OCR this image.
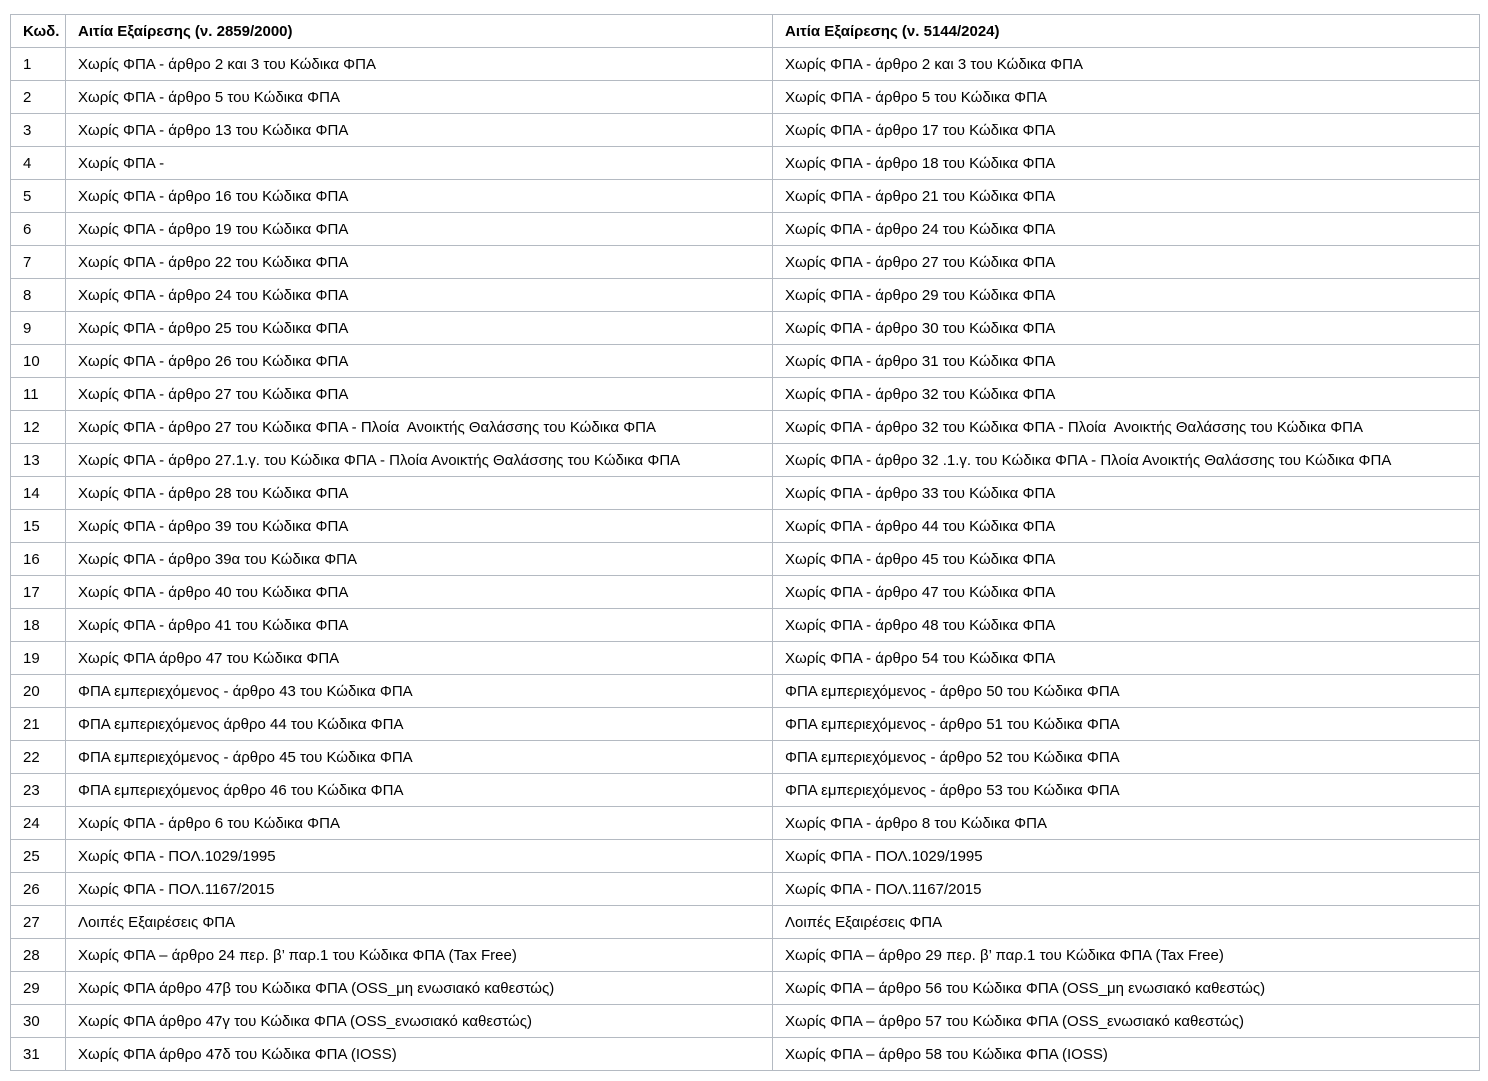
Κωδ.	Αιτία Εξαίρεσης (ν. 2859/2000)	Αιτία Εξαίρεσης (ν. 5144/2024)
1	Χωρίς ΦΠΑ - άρθρο 2 και 3 του Κώδικα ΦΠΑ	Χωρίς ΦΠΑ - άρθρο 2 και 3 του Κώδικα ΦΠΑ
2	Χωρίς ΦΠΑ - άρθρο 5 του Κώδικα ΦΠΑ	Χωρίς ΦΠΑ - άρθρο 5 του Κώδικα ΦΠΑ
3	Χωρίς ΦΠΑ - άρθρο 13 του Κώδικα ΦΠΑ	Χωρίς ΦΠΑ - άρθρο 17 του Κώδικα ΦΠΑ
4	Χωρίς ΦΠΑ -	Χωρίς ΦΠΑ - άρθρο 18 του Κώδικα ΦΠΑ
5	Χωρίς ΦΠΑ - άρθρο 16 του Κώδικα ΦΠΑ	Χωρίς ΦΠΑ - άρθρο 21 του Κώδικα ΦΠΑ
6	Χωρίς ΦΠΑ - άρθρο 19 του Κώδικα ΦΠΑ	Χωρίς ΦΠΑ - άρθρο 24 του Κώδικα ΦΠΑ
7	Χωρίς ΦΠΑ - άρθρο 22 του Κώδικα ΦΠΑ	Χωρίς ΦΠΑ - άρθρο 27 του Κώδικα ΦΠΑ
8	Χωρίς ΦΠΑ - άρθρο 24 του Κώδικα ΦΠΑ	Χωρίς ΦΠΑ - άρθρο 29 του Κώδικα ΦΠΑ
9	Χωρίς ΦΠΑ - άρθρο 25 του Κώδικα ΦΠΑ	Χωρίς ΦΠΑ - άρθρο 30 του Κώδικα ΦΠΑ
10	Χωρίς ΦΠΑ - άρθρο 26 του Κώδικα ΦΠΑ	Χωρίς ΦΠΑ - άρθρο 31 του Κώδικα ΦΠΑ
11	Χωρίς ΦΠΑ - άρθρο 27 του Κώδικα ΦΠΑ	Χωρίς ΦΠΑ - άρθρο 32 του Κώδικα ΦΠΑ
12	Χωρίς ΦΠΑ - άρθρο 27 του Κώδικα ΦΠΑ - Πλοία  Ανοικτής Θαλάσσης του Κώδικα ΦΠΑ	Χωρίς ΦΠΑ - άρθρο 32 του Κώδικα ΦΠΑ - Πλοία  Ανοικτής Θαλάσσης του Κώδικα ΦΠΑ
13	Χωρίς ΦΠΑ - άρθρο 27.1.γ. του Κώδικα ΦΠΑ - Πλοία Ανοικτής Θαλάσσης του Κώδικα ΦΠΑ	Χωρίς ΦΠΑ - άρθρο 32 .1.γ. του Κώδικα ΦΠΑ - Πλοία Ανοικτής Θαλάσσης του Κώδικα ΦΠΑ
14	Χωρίς ΦΠΑ - άρθρο 28 του Κώδικα ΦΠΑ	Χωρίς ΦΠΑ - άρθρο 33 του Κώδικα ΦΠΑ
15	Χωρίς ΦΠΑ - άρθρο 39 του Κώδικα ΦΠΑ	Χωρίς ΦΠΑ - άρθρο 44 του Κώδικα ΦΠΑ
16	Χωρίς ΦΠΑ - άρθρο 39α του Κώδικα ΦΠΑ	Χωρίς ΦΠΑ - άρθρο 45 του Κώδικα ΦΠΑ
17	Χωρίς ΦΠΑ - άρθρο 40 του Κώδικα ΦΠΑ	Χωρίς ΦΠΑ - άρθρο 47 του Κώδικα ΦΠΑ
18	Χωρίς ΦΠΑ - άρθρο 41 του Κώδικα ΦΠΑ	Χωρίς ΦΠΑ - άρθρο 48 του Κώδικα ΦΠΑ
19	Χωρίς ΦΠΑ άρθρο 47 του Κώδικα ΦΠΑ	Χωρίς ΦΠΑ - άρθρο 54 του Κώδικα ΦΠΑ
20	ΦΠΑ εμπεριεχόμενος - άρθρο 43 του Κώδικα ΦΠΑ	ΦΠΑ εμπεριεχόμενος - άρθρο 50 του Κώδικα ΦΠΑ
21	ΦΠΑ εμπεριεχόμενος άρθρο 44 του Κώδικα ΦΠΑ	ΦΠΑ εμπεριεχόμενος - άρθρο 51 του Κώδικα ΦΠΑ
22	ΦΠΑ εμπεριεχόμενος - άρθρο 45 του Κώδικα ΦΠΑ	ΦΠΑ εμπεριεχόμενος - άρθρο 52 του Κώδικα ΦΠΑ
23	ΦΠΑ εμπεριεχόμενος άρθρο 46 του Κώδικα ΦΠΑ	ΦΠΑ εμπεριεχόμενος - άρθρο 53 του Κώδικα ΦΠΑ
24	Χωρίς ΦΠΑ - άρθρο 6 του Κώδικα ΦΠΑ	Χωρίς ΦΠΑ - άρθρο 8 του Κώδικα ΦΠΑ
25	Χωρίς ΦΠΑ - ΠΟΛ.1029/1995	Χωρίς ΦΠΑ - ΠΟΛ.1029/1995
26	Χωρίς ΦΠΑ - ΠΟΛ.1167/2015	Χωρίς ΦΠΑ - ΠΟΛ.1167/2015
27	Λοιπές Εξαιρέσεις ΦΠΑ	Λοιπές Εξαιρέσεις ΦΠΑ
28	Χωρίς ΦΠΑ – άρθρο 24 περ. β’ παρ.1 του Κώδικα ΦΠΑ (Tax Free)	Χωρίς ΦΠΑ – άρθρο 29 περ. β’ παρ.1 του Κώδικα ΦΠΑ (Tax Free)
29	Χωρίς ΦΠΑ άρθρο 47β του Κώδικα ΦΠΑ (OSS_μη ενωσιακό καθεστώς)	Χωρίς ΦΠΑ – άρθρο 56 του Κώδικα ΦΠΑ (OSS_μη ενωσιακό καθεστώς)
30	Χωρίς ΦΠΑ άρθρο 47γ του Κώδικα ΦΠΑ (OSS_ενωσιακό καθεστώς)	Χωρίς ΦΠΑ – άρθρο 57 του Κώδικα ΦΠΑ (OSS_ενωσιακό καθεστώς)
31	Χωρίς ΦΠΑ άρθρο 47δ του Κώδικα ΦΠΑ (IOSS)	Χωρίς ΦΠΑ – άρθρο 58 του Κώδικα ΦΠΑ (IOSS)
